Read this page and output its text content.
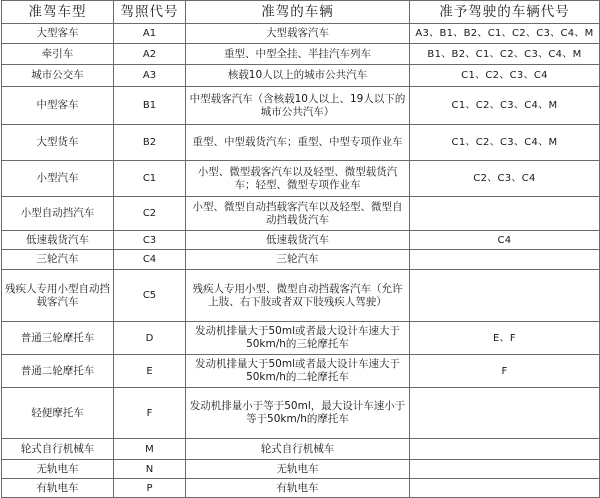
准驾车型	驾照代号	准驾的车辆	准予驾驶的车辆代号
大型客车	A1	大型载客汽车	A3、B1、B2、C1、C2、C3、C4、M
牵引车	A2	重型、中型全挂、半挂汽车列车	B1、B2、C1、C2、C3、C4、M
城市公交车	A3	核载10人以上的城市公共汽车	C1、C2、C3、C4
中型客车	B1	中型载客汽车（含核载10人以上、19人以下的城市公共汽车）	C1、C2、C3、C4、M
大型货车	B2	重型、中型载货汽车；重型、中型专项作业车	C1、C2、C3、C4、M
小型汽车	C1	小型、微型载客汽车以及轻型、微型载货汽车；轻型、微型专项作业车	C2、C3、C4
小型自动挡汽车	C2	小型、微型自动挡载客汽车以及轻型、微型自动挡载货汽车	
低速载货汽车	C3	低速载货汽车	C4
三轮汽车	C4	三轮汽车	
残疾人专用小型自动挡载客汽车	C5	残疾人专用小型、微型自动挡载客汽车（允许上肢、右下肢或者双下肢残疾人驾驶）	
普通三轮摩托车	D	发动机排量大于50ml或者最大设计车速大于50km/h的三轮摩托车	E、F
普通二轮摩托车	E	发动机排量大于50ml或者最大设计车速大于50km/h的二轮摩托车	F
轻便摩托车	F	发动机排量小于等于50ml，最大设计车速小于等于50km/h的摩托车	
轮式自行机械车	M	轮式自行机械车	
无轨电车	N	无轨电车	
有轨电车	P	有轨电车	
